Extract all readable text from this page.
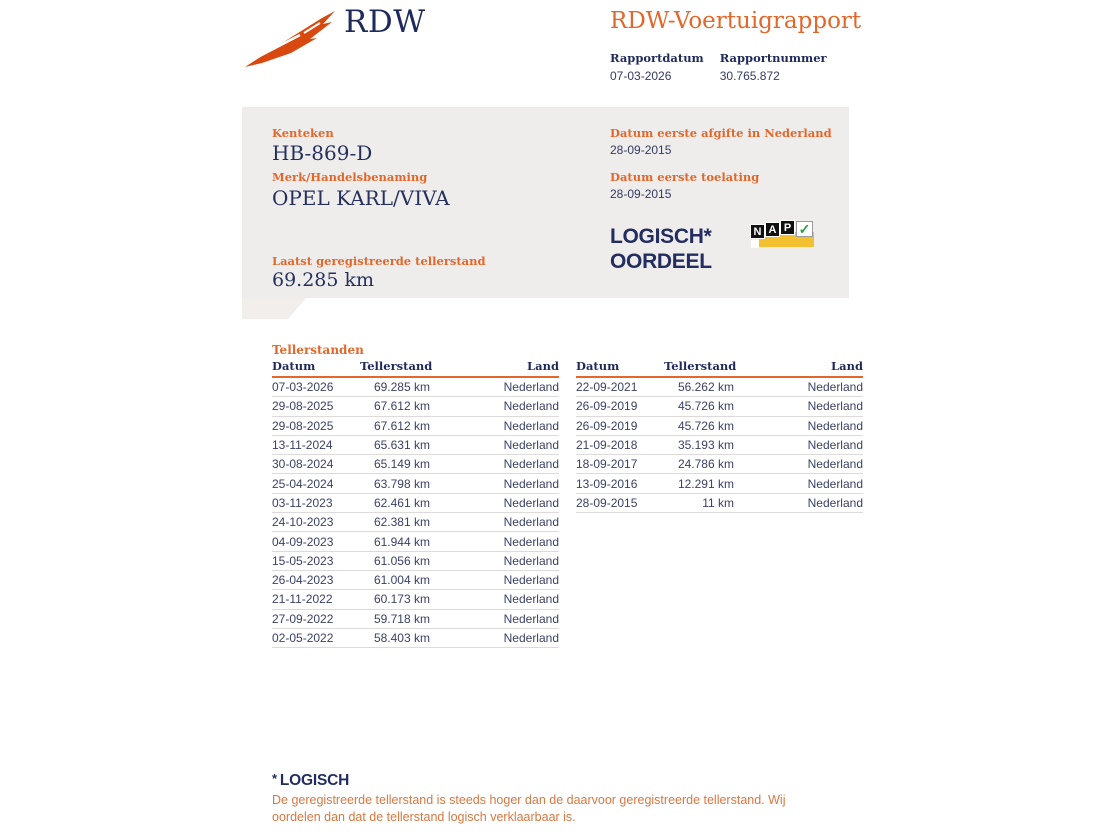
RDW	RDW-Voertuigrapport
Rapportdatum
07-03-2026
Rapportnummer
30.765.872
Kenteken
HB-869-D
Merk/Handelsbenaming
OPEL KARL/VIVA
Laatst geregistreerde tellerstand
69.285 km
Datum eerste afgifte in Nederland
28-09-2015
Datum eerste toelating
28-09-2015
LOGISCH*
OORDEEL
N A P ✓
Tellerstanden
Datum	Tellerstand	Land
07-03-2026	69.285 km	Nederland
29-08-2025	67.612 km	Nederland
29-08-2025	67.612 km	Nederland
13-11-2024	65.631 km	Nederland
30-08-2024	65.149 km	Nederland
25-04-2024	63.798 km	Nederland
03-11-2023	62.461 km	Nederland
24-10-2023	62.381 km	Nederland
04-09-2023	61.944 km	Nederland
15-05-2023	61.056 km	Nederland
26-04-2023	61.004 km	Nederland
21-11-2022	60.173 km	Nederland
27-09-2022	59.718 km	Nederland
02-05-2022	58.403 km	Nederland
Datum	Tellerstand	Land
22-09-2021	56.262 km	Nederland
26-09-2019	45.726 km	Nederland
26-09-2019	45.726 km	Nederland
21-09-2018	35.193 km	Nederland
18-09-2017	24.786 km	Nederland
13-09-2016	12.291 km	Nederland
28-09-2015	11 km	Nederland
* LOGISCH
De geregistreerde tellerstand is steeds hoger dan de daarvoor geregistreerde tellerstand. Wij oordelen dan dat de tellerstand logisch verklaarbaar is.
